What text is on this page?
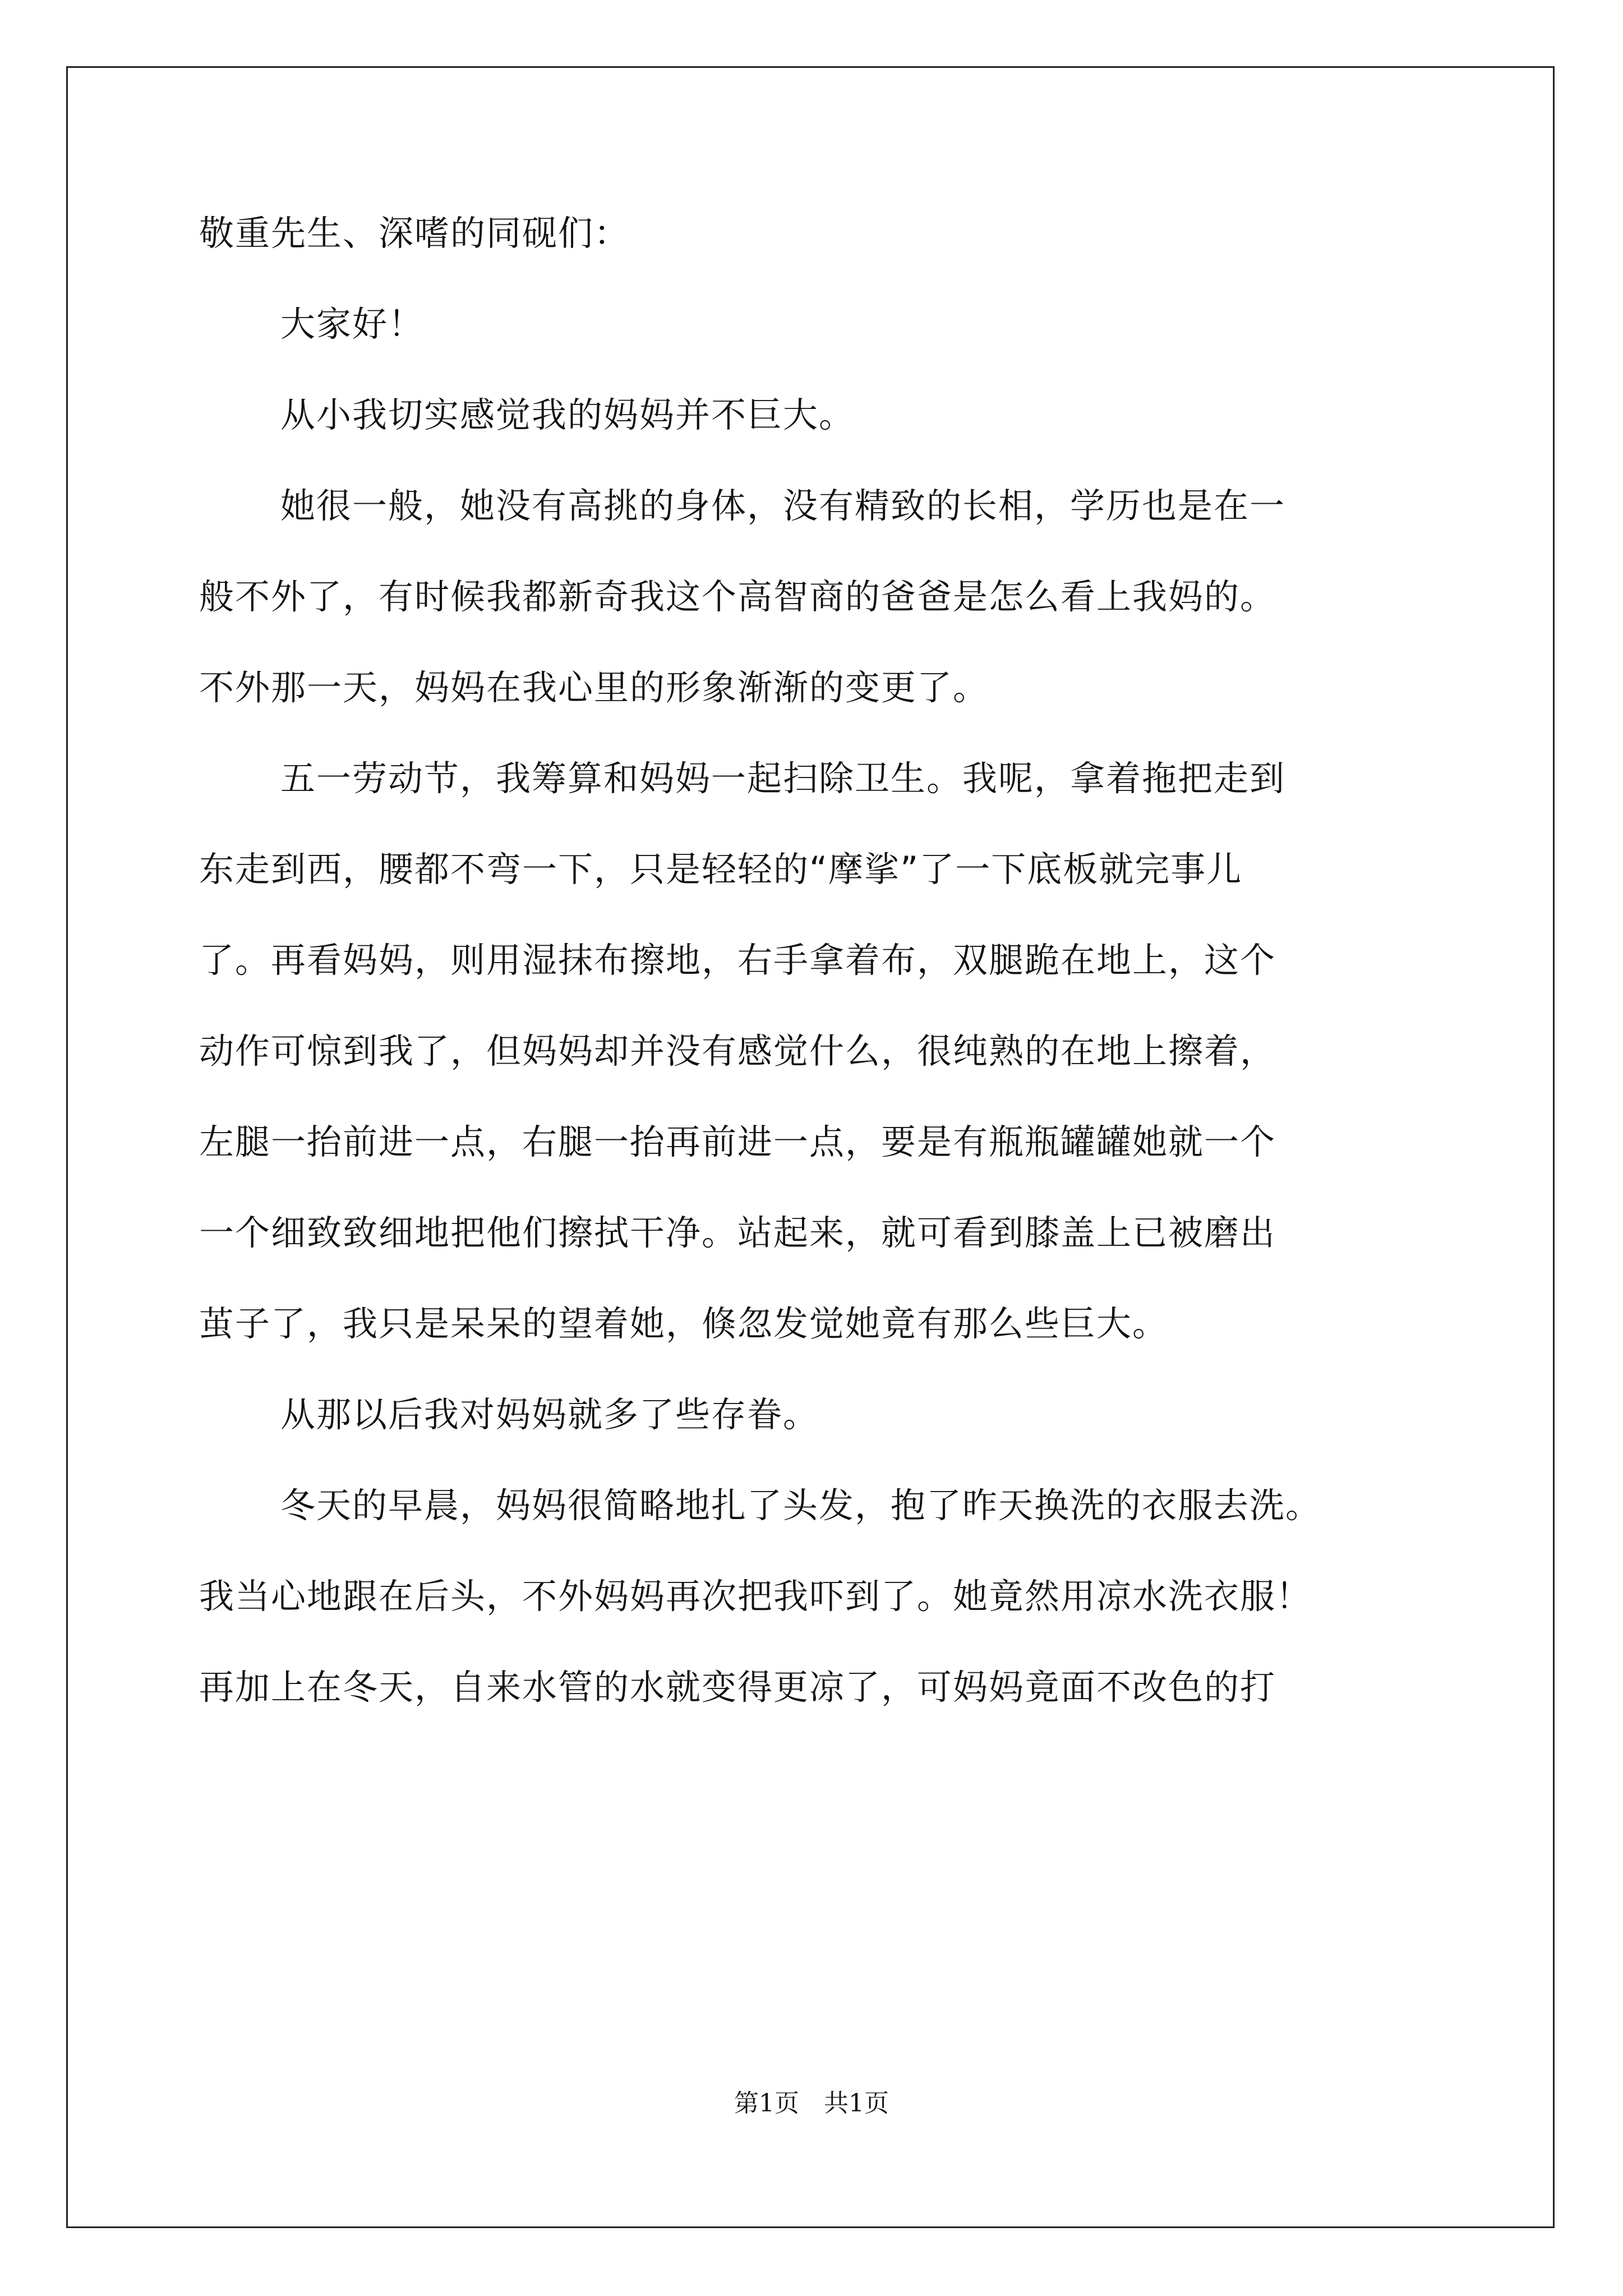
敬重先生、深嗜的同砚们：
大家好！
从小我切实感觉我的妈妈并不巨大。
她很一般，她没有高挑的身体，没有精致的长相，学历也是在一
般不外了，有时候我都新奇我这个高智商的爸爸是怎么看上我妈的。
不外那一天，妈妈在我心里的形象渐渐的变更了。
五一劳动节，我筹算和妈妈一起扫除卫生。我呢，拿着拖把走到
东走到西，腰都不弯一下，只是轻轻的“摩挲”了一下底板就完事儿
了。再看妈妈，则用湿抹布擦地，右手拿着布，双腿跪在地上，这个
动作可惊到我了，但妈妈却并没有感觉什么，很纯熟的在地上擦着，
左腿一抬前进一点，右腿一抬再前进一点，要是有瓶瓶罐罐她就一个
一个细致致细地把他们擦拭干净。站起来，就可看到膝盖上已被磨出
茧子了，我只是呆呆的望着她，倏忽发觉她竟有那么些巨大。
从那以后我对妈妈就多了些存眷。
冬天的早晨，妈妈很简略地扎了头发，抱了昨天换洗的衣服去洗。
我当心地跟在后头，不外妈妈再次把我吓到了。她竟然用凉水洗衣服！
再加上在冬天，自来水管的水就变得更凉了，可妈妈竟面不改色的打
第1页　共1页
